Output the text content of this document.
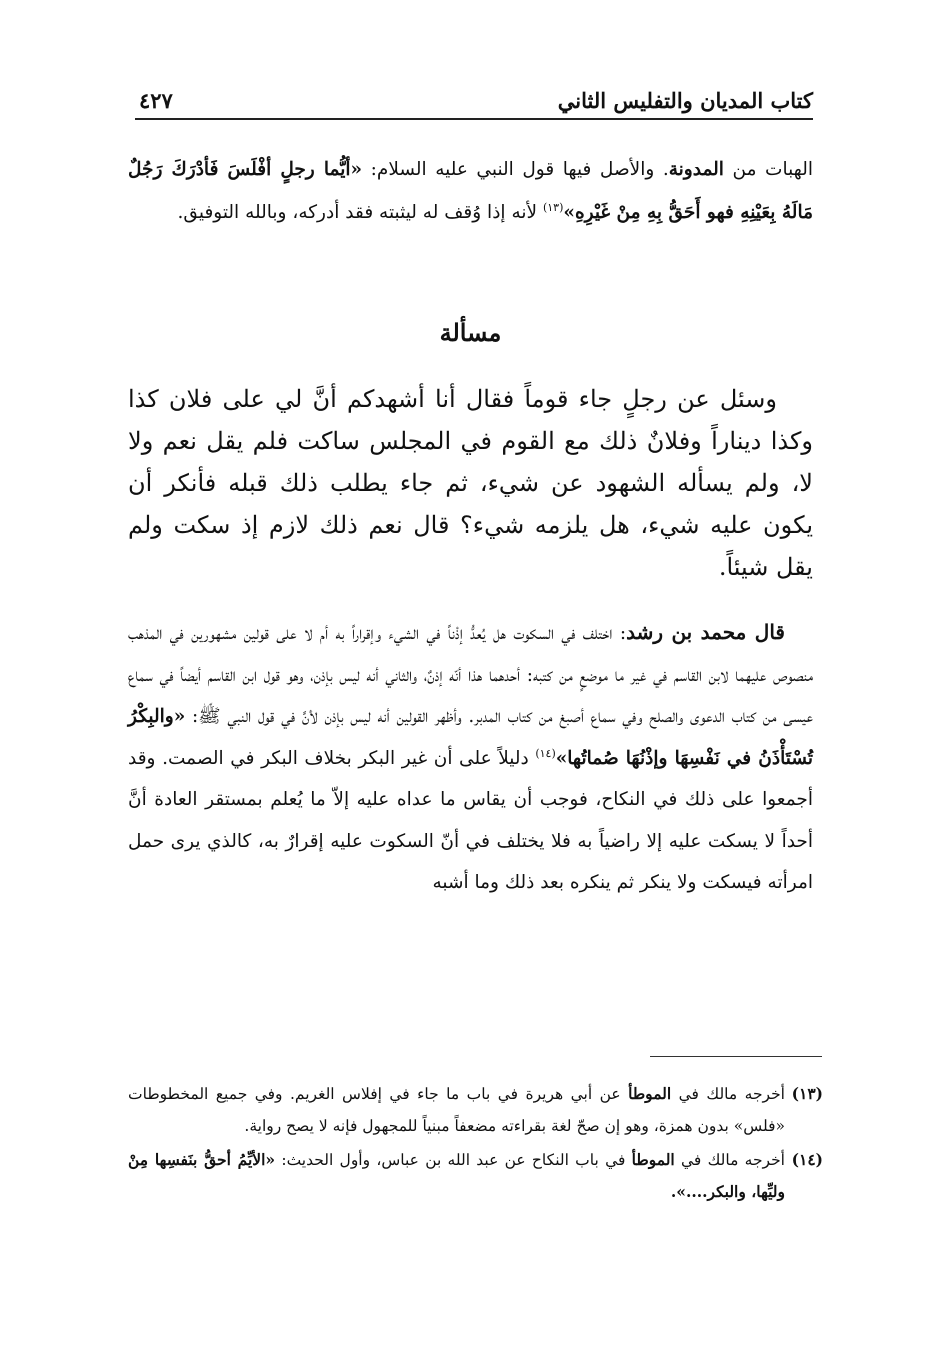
كتاب المديان والتفليس الثاني
٤٢٧
الهبات من المدونة. والأصل فيها قول النبي عليه السلام: «أيُّما رجلٍ أفْلَسَ فَأدْرَكَ رَجُلٌ مَالَهُ بِعَيْنِهِ فهو أَحَقُّ بِهِ مِنْ غَيْرِهِ»$^{(١٣)}$ لأنه إذا وُقف له ليثبته فقد أدركه، وبالله التوفيق.
مسألة
وسئل عن رجلٍ جاء قوماً فقال أنا أشهدكم أنَّ لي على فلان كذا وكذا ديناراً وفلانٌ ذلك مع القوم في المجلس ساكت فلم يقل نعم ولا لا، ولم يسأله الشهود عن شيء، ثم جاء يطلب ذلك قبله فأنكر أن يكون عليه شيء، هل يلزمه شيء؟ قال نعم ذلك لازم إذ سكت ولم يقل شيئاً.
قال محمد بن رشد: اختلف في السكوت هل يُعدُّ إذْناً في الشيء وإقراراً به أم لا على قولين مشهورين في المذهب منصوص عليهما لابن القاسم في غير ما موضعٍ من كتبه: أحدهما هذا أنّه إذنٌ، والثاني أنه ليس بإذن، وهو قول ابن القاسم أيضاً في سماع عيسى من كتاب الدعوى والصلح وفي سماع أصبغ من كتاب المدبر. وأظهر القولين أنه ليس بإذن لأنَّ في قول النبي ﷺ: «والبِكْرُ تُسْتَأْذَنُ في نَفْسِهَا وإذْنُهَا صُماتُها»$^{(١٤)}$ دليلاً على أن غير البكر بخلاف البكر في الصمت. وقد أجمعوا على ذلك في النكاح، فوجب أن يقاس ما عداه عليه إلاّ ما يُعلم بمستقر العادة أنَّ أحداً لا يسكت عليه إلا راضياً به فلا يختلف في أنّ السكوت عليه إقرارٌ به، كالذي يرى حمل امرأته فيسكت ولا ينكر ثم ينكره بعد ذلك وما أشبه
(١٣)
أخرجه مالك في الموطأ عن أبي هريرة في باب ما جاء في إفلاس الغريم. وفي جميع المخطوطات «فلس» بدون همزة، وهو إن صحّ لغة بقراءته مضعفاً مبنياً للمجهول فإنه لا يصح رواية.
(١٤)
أخرجه مالك في الموطأ في باب النكاح عن عبد الله بن عباس، وأول الحديث: «الأيِّمُ أحقُّ بنَفسِها مِنْ وليِّها، والبكر....».
